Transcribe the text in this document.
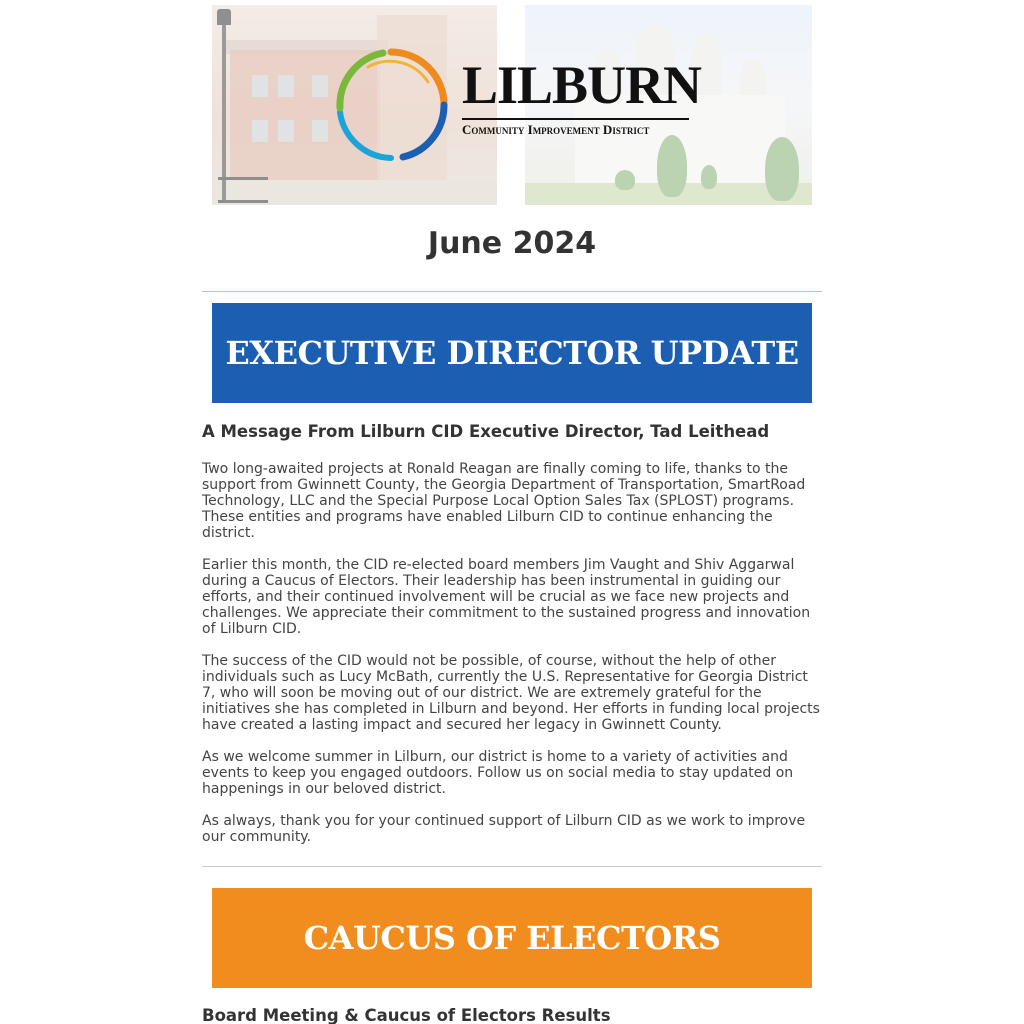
LILBURN
Community Improvement District
June 2024
EXECUTIVE DIRECTOR UPDATE
A Message From Lilburn CID Executive Director, Tad Leithead

Two long-awaited projects at Ronald Reagan are finally coming to life, thanks to the support from Gwinnett County, the Georgia Department of Transportation, SmartRoad Technology, LLC and the Special Purpose Local Option Sales Tax (SPLOST) programs. These entities and programs have enabled Lilburn CID to continue enhancing the district.

Earlier this month, the CID re-elected board members Jim Vaught and Shiv Aggarwal during a Caucus of Electors. Their leadership has been instrumental in guiding our efforts, and their continued involvement will be crucial as we face new projects and challenges. We appreciate their commitment to the sustained progress and innovation of Lilburn CID.

The success of the CID would not be possible, of course, without the help of other individuals such as Lucy McBath, currently the U.S. Representative for Georgia District 7, who will soon be moving out of our district. We are extremely grateful for the initiatives she has completed in Lilburn and beyond. Her efforts in funding local projects have created a lasting impact and secured her legacy in Gwinnett County.

As we welcome summer in Lilburn, our district is home to a variety of activities and events to keep you engaged outdoors. Follow us on social media to stay updated on happenings in our beloved district.

As always, thank you for your continued support of Lilburn CID as we work to improve our community.

CAUCUS OF ELECTORS
Board Meeting & Caucus of Electors Results
